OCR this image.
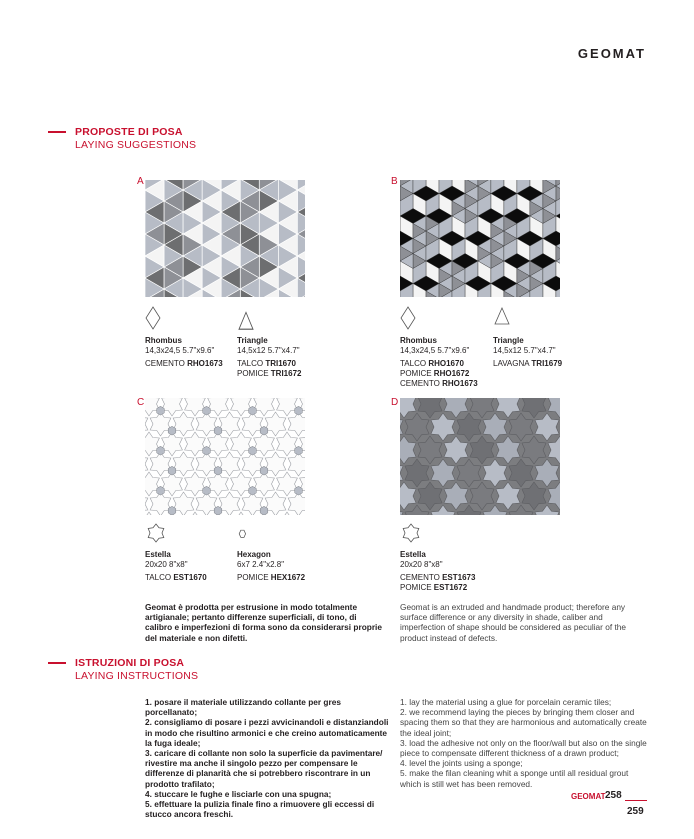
GEOMAT
PROPOSTE DI POSA
LAYING SUGGESTIONS
A	B
Rhombus
14,3x24,5 5.7"x9.6"
CEMENTO RHO1673
Triangle
14,5x12 5.7"x4.7"
TALCO TRI1670
POMICE TRI1672
Rhombus
14,3x24,5 5.7"x9.6"
TALCO RHO1670
POMICE RHO1672
CEMENTO RHO1673
Triangle
14,5x12 5.7"x4.7"
LAVAGNA TRI1679
C	D
Estella
20x20 8"x8"
TALCO EST1670
Hexagon
6x7 2.4"x2.8"
POMICE HEX1672
Estella
20x20 8"x8"
CEMENTO EST1673
POMICE EST1672
Geomat è prodotta per estrusione in modo totalmente artigianale; pertanto differenze superficiali, di tono, di calibro e imperfezioni di forma sono da considerarsi proprie del materiale e non difetti.
Geomat is an extruded and handmade product; therefore any surface difference or any diversity in shade, caliber and imperfection of shape should be considered as peculiar of the product instead of defects.
ISTRUZIONI DI POSA
LAYING INSTRUCTIONS
1. posare il materiale utilizzando collante per gres porcellanato;
2. consigliamo di posare i pezzi avvicinandoli e distanziandoli in modo che risultino armonici e che creino automaticamente la fuga ideale;
3. caricare di collante non solo la superficie da pavimentare/ rivestire ma anche il singolo pezzo per compensare le differenze di planarità che si potrebbero riscontrare in un prodotto trafilato;
4. stuccare le fughe e lisciarle con una spugna;
5. effettuare la pulizia finale fino a rimuovere gli eccessi di stucco ancora freschi.
1. lay the material using a glue for porcelain ceramic tiles;
2. we recommend laying the pieces by bringing them closer and spacing them so that they are harmonious and automatically create the ideal joint;
3. load the adhesive not only on the floor/wall but also on the single piece to compensate different thickness of a drawn product;
4. level the joints using a sponge;
5. make the filan cleaning whit a sponge until all residual grout which is still wet has been removed.
GEOMAT 258
259
